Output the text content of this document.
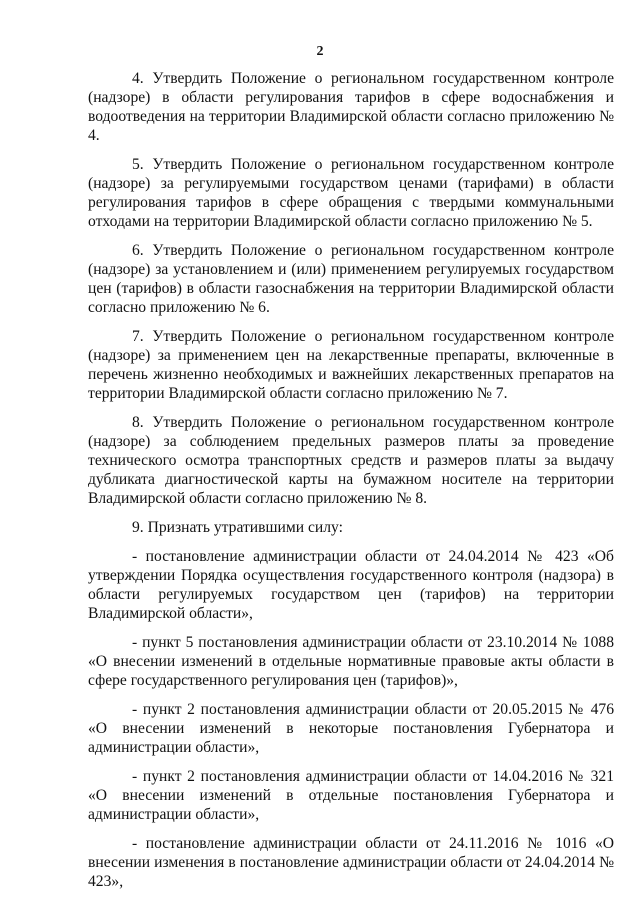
2

4. Утвердить Положение о региональном государственном контроле (надзоре) в области регулирования тарифов в сфере водоснабжения и водоотведения на территории Владимирской области согласно приложению № 4.

5. Утвердить Положение о региональном государственном контроле (надзоре) за регулируемыми государством ценами (тарифами) в области регулирования тарифов в сфере обращения с твердыми коммунальными отходами на территории Владимирской области согласно приложению № 5.

6. Утвердить Положение о региональном государственном контроле (надзоре) за установлением и (или) применением регулируемых государством цен (тарифов) в области газоснабжения на территории Владимирской области согласно приложению № 6.

7. Утвердить Положение о региональном государственном контроле (надзоре) за применением цен на лекарственные препараты, включенные в перечень жизненно необходимых и важнейших лекарственных препаратов на территории Владимирской области согласно приложению № 7.

8. Утвердить Положение о региональном государственном контроле (надзоре) за соблюдением предельных размеров платы за проведение технического осмотра транспортных средств и размеров платы за выдачу дубликата диагностической карты на бумажном носителе на территории Владимирской области согласно приложению № 8.

9. Признать утратившими силу:

- постановление администрации области от 24.04.2014 № 423 «Об утверждении Порядка осуществления государственного контроля (надзора) в области регулируемых государством цен (тарифов) на территории Владимирской области»,

- пункт 5 постановления администрации области от 23.10.2014 № 1088 «О внесении изменений в отдельные нормативные правовые акты области в сфере государственного регулирования цен (тарифов)»,

- пункт 2 постановления администрации области от 20.05.2015 № 476 «О внесении изменений в некоторые постановления Губернатора и администрации области»,

- пункт 2 постановления администрации области от 14.04.2016 № 321 «О внесении изменений в отдельные постановления Губернатора и администрации области»,

- постановление администрации области от 24.11.2016 № 1016 «О внесении изменения в постановление администрации области от 24.04.2014 № 423»,
